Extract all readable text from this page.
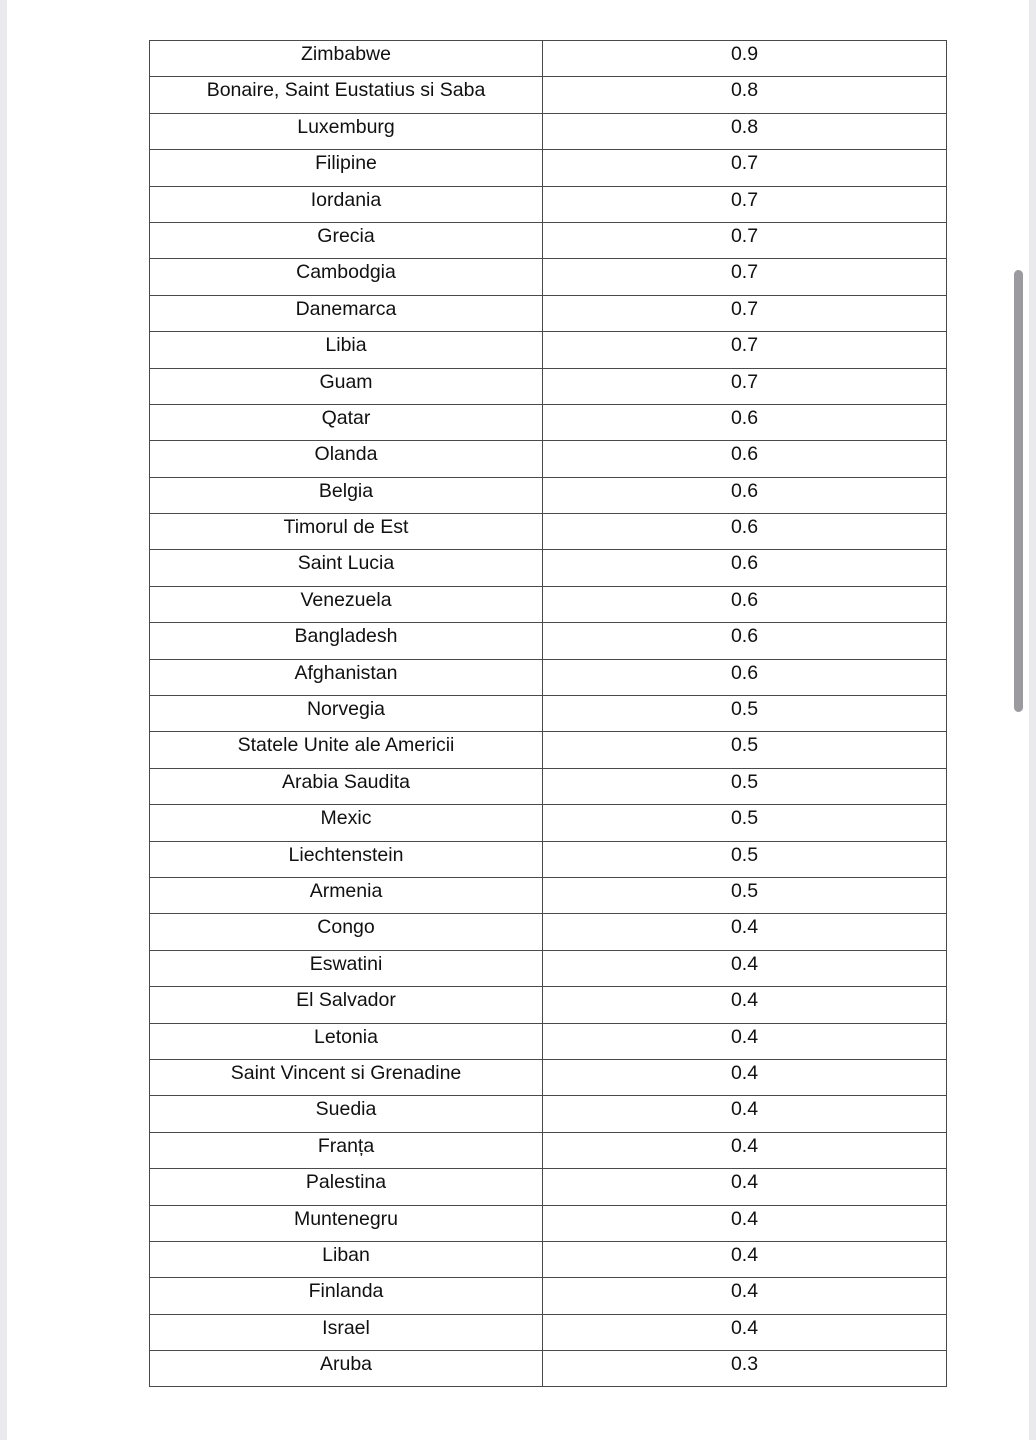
Zimbabwe	0.9
Bonaire, Saint Eustatius si Saba	0.8
Luxemburg	0.8
Filipine	0.7
Iordania	0.7
Grecia	0.7
Cambodgia	0.7
Danemarca	0.7
Libia	0.7
Guam	0.7
Qatar	0.6
Olanda	0.6
Belgia	0.6
Timorul de Est	0.6
Saint Lucia	0.6
Venezuela	0.6
Bangladesh	0.6
Afghanistan	0.6
Norvegia	0.5
Statele Unite ale Americii	0.5
Arabia Saudita	0.5
Mexic	0.5
Liechtenstein	0.5
Armenia	0.5
Congo	0.4
Eswatini	0.4
El Salvador	0.4
Letonia	0.4
Saint Vincent si Grenadine	0.4
Suedia	0.4
Franța	0.4
Palestina	0.4
Muntenegru	0.4
Liban	0.4
Finlanda	0.4
Israel	0.4
Aruba	0.3
